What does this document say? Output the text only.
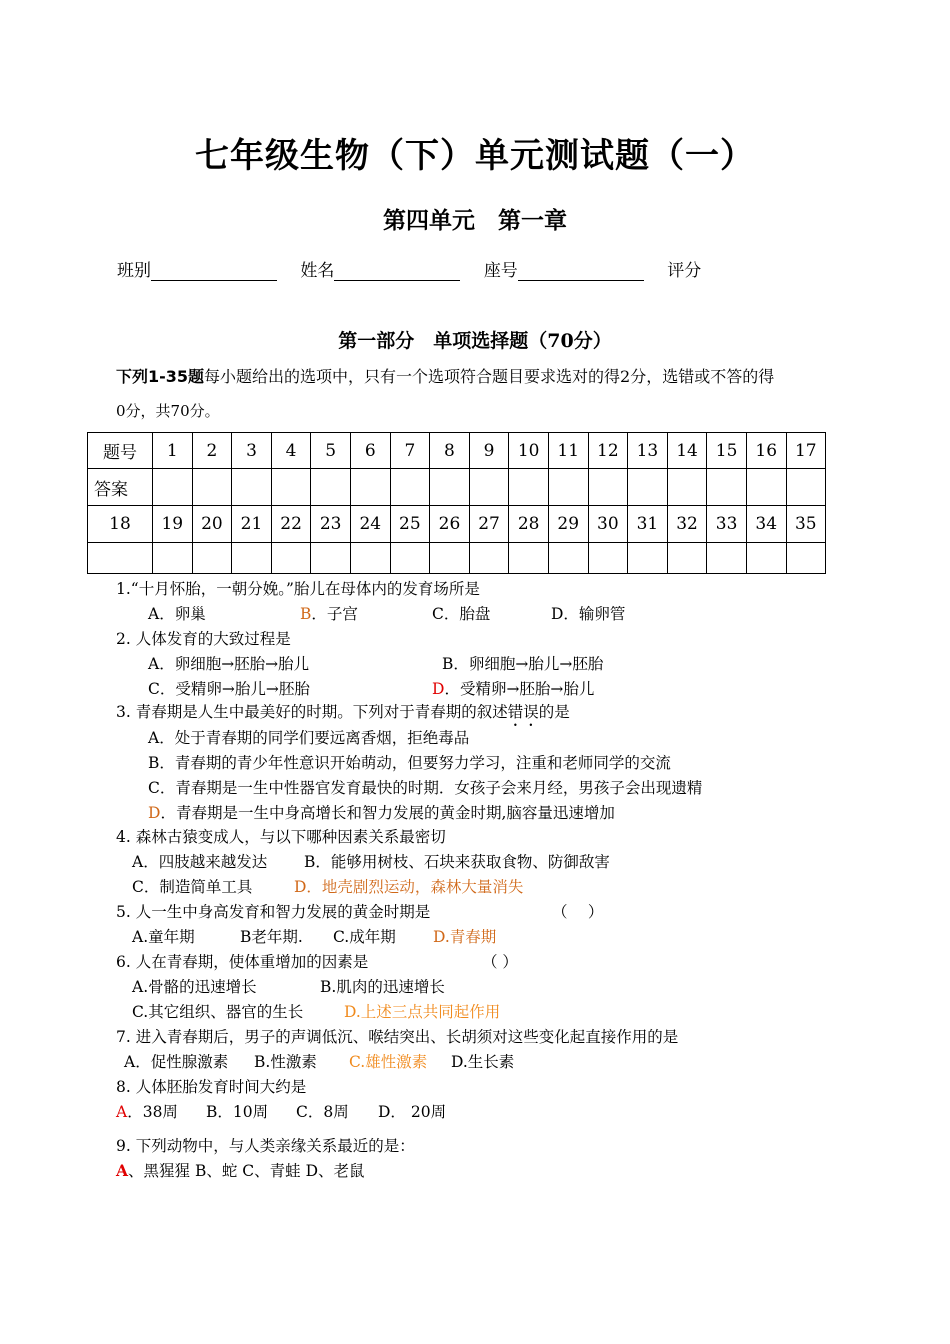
七年级生物（下）单元测试题（一）
第四单元　第一章
班别	姓名	座号	评分
第一部分　单项选择题（70分）
下列1-35题每小题给出的选项中，只有一个选项符合题目要求选对的得2分，选错或不答的得
0分，共70分。
题号	1	2	3	4	5	6	7	8	9	10	11	12	13	14	15	16	17
答案																	
18	19	20	21	22	23	24	25	26	27	28	29	30	31	32	33	34	35

1.“十月怀胎，一朝分娩。”胎儿在母体内的发育场所是
A．卵巢	B．子宫	C．胎盘	D．输卵管
2. 人体发育的大致过程是
A．卵细胞→胚胎→胎儿	B．卵细胞→胎儿→胚胎
C．受精卵→胎儿→胚胎	D．受精卵→胚胎→胎儿
3. 青春期是人生中最美好的时期。下列对于青春期的叙述错误的是
A．处于青春期的同学们要远离香烟，拒绝毒品
B．青春期的青少年性意识开始萌动，但要努力学习，注重和老师同学的交流
C．青春期是一生中性器官发育最快的时期．女孩子会来月经，男孩子会出现遗精
D．青春期是一生中身高增长和智力发展的黄金时期,脑容量迅速增加
4. 森林古猿变成人，与以下哪种因素关系最密切
A．四肢越来越发达 B．能够用树枝、石块来获取食物、防御敌害
C．制造简单工具	D．地壳剧烈运动，森林大量消失
5. 人一生中身高发育和智力发展的黄金时期是	（　 ）
A.童年期	B老年期. C.成年期 D.青春期
6. 人在青春期，使体重增加的因素是	（ ）
A.骨骼的迅速增长	B.肌肉的迅速增长
C.其它组织、器官的生长	D.上述三点共同起作用
7. 进入青春期后，男子的声调低沉、喉结突出、长胡须对这些变化起直接作用的是
A．促性腺激素 B.性激素 C.雄性激素 D.生长素
8. 人体胚胎发育时间大约是
A．38周 B．10周 C．8周 D． 20周
9. 下列动物中，与人类亲缘关系最近的是：
A、黑猩猩 B、蛇 C、青蛙 D、老鼠
